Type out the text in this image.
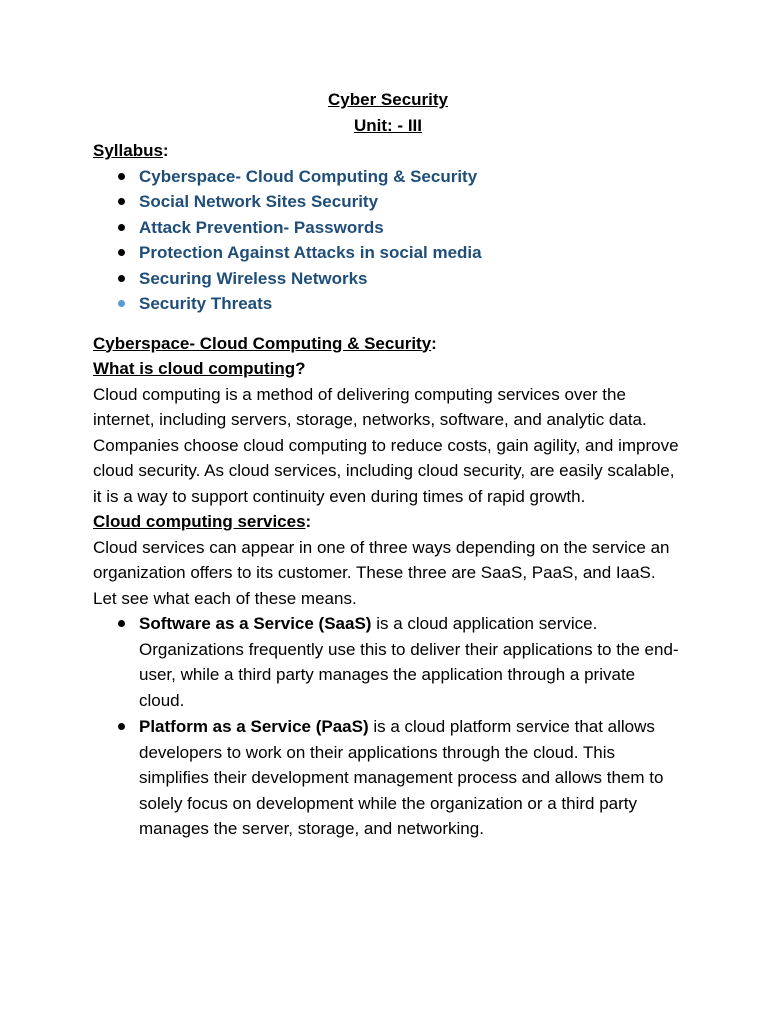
Cyber Security
Unit: - III
Syllabus:
Cyberspace- Cloud Computing & Security
Social Network Sites Security
Attack Prevention- Passwords
Protection Against Attacks in social media
Securing Wireless Networks
Security Threats
Cyberspace- Cloud Computing & Security:
What is cloud computing?

Cloud computing is a method of delivering computing services over the internet, including servers, storage, networks, software, and analytic data. Companies choose cloud computing to reduce costs, gain agility, and improve cloud security. As cloud services, including cloud security, are easily scalable, it is a way to support continuity even during times of rapid growth.

Cloud computing services:

Cloud services can appear in one of three ways depending on the service an organization offers to its customer. These three are SaaS, PaaS, and IaaS. Let see what each of these means.

Software as a Service (SaaS) is a cloud application service. Organizations frequently use this to deliver their applications to the end-user, while a third party manages the application through a private cloud.
Platform as a Service (PaaS) is a cloud platform service that allows developers to work on their applications through the cloud. This simplifies their development management process and allows them to solely focus on development while the organization or a third party manages the server, storage, and networking.
